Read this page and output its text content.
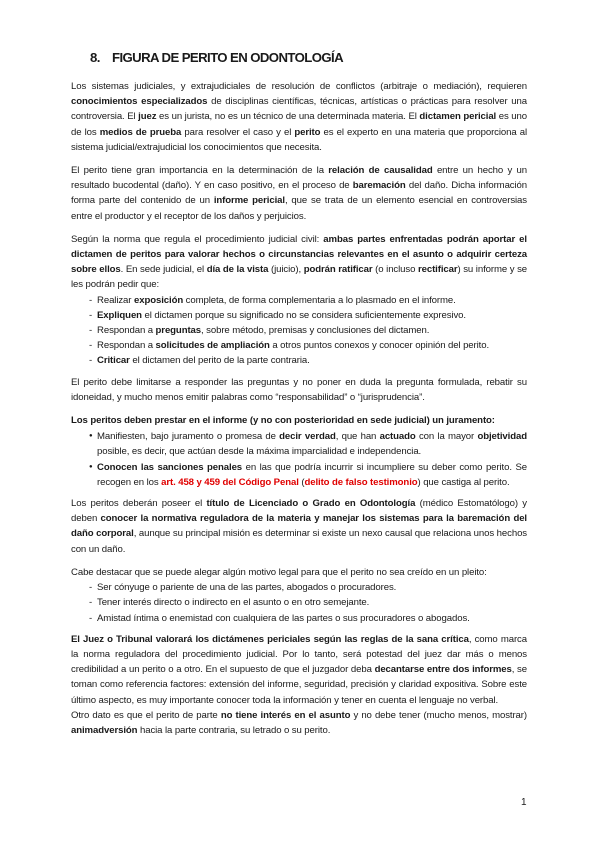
8. FIGURA DE PERITO EN ODONTOLOGÍA

Los sistemas judiciales, y extrajudiciales de resolución de conflictos (arbitraje o mediación), requieren conocimientos especializados de disciplinas científicas, técnicas, artísticas o prácticas para resolver una controversia. El juez es un jurista, no es un técnico de una determinada materia. El dictamen pericial es uno de los medios de prueba para resolver el caso y el perito es el experto en una materia que proporciona al sistema judicial/extrajudicial los conocimientos que necesita.

El perito tiene gran importancia en la determinación de la relación de causalidad entre un hecho y un resultado bucodental (daño). Y en caso positivo, en el proceso de baremación del daño. Dicha información forma parte del contenido de un informe pericial, que se trata de un elemento esencial en controversias entre el productor y el receptor de los daños y perjuicios.

Según la norma que regula el procedimiento judicial civil: ambas partes enfrentadas podrán aportar el dictamen de peritos para valorar hechos o circunstancias relevantes en el asunto o adquirir certeza sobre ellos. En sede judicial, el día de la vista (juicio), podrán ratificar (o incluso rectificar) su informe y se les podrán pedir que:

- Realizar exposición completa, de forma complementaria a lo plasmado en el informe.
- Expliquen el dictamen porque su significado no se considera suficientemente expresivo.
- Respondan a preguntas, sobre método, premisas y conclusiones del dictamen.
- Respondan a solicitudes de ampliación a otros puntos conexos y conocer opinión del perito.
- Criticar el dictamen del perito de la parte contraria.

El perito debe limitarse a responder las preguntas y no poner en duda la pregunta formulada, rebatir su idoneidad, y mucho menos emitir palabras como “responsabilidad” o “jurisprudencia”.

Los peritos deben prestar en el informe (y no con posterioridad en sede judicial) un juramento:

● Manifiesten, bajo juramento o promesa de decir verdad, que han actuado con la mayor objetividad posible, es decir, que actúan desde la máxima imparcialidad e independencia.
● Conocen las sanciones penales en las que podría incurrir si incumpliere su deber como perito. Se recogen en los art. 458 y 459 del Código Penal (delito de falso testimonio) que castiga al perito.

Los peritos deberán poseer el título de Licenciado o Grado en Odontología (médico Estomatólogo) y deben conocer la normativa reguladora de la materia y manejar los sistemas para la baremación del daño corporal, aunque su principal misión es determinar si existe un nexo causal que relaciona unos hechos con un daño.

Cabe destacar que se puede alegar algún motivo legal para que el perito no sea creído en un pleito:

- Ser cónyuge o pariente de una de las partes, abogados o procuradores.
- Tener interés directo o indirecto en el asunto o en otro semejante.
- Amistad íntima o enemistad con cualquiera de las partes o sus procuradores o abogados.

El Juez o Tribunal valorará los dictámenes periciales según las reglas de la sana crítica, como marca la norma reguladora del procedimiento judicial. Por lo tanto, será potestad del juez dar más o menos credibilidad a un perito o a otro. En el supuesto de que el juzgador deba decantarse entre dos informes, se toman como referencia factores: extensión del informe, seguridad, precisión y claridad expositiva. Sobre este último aspecto, es muy importante conocer toda la información y tener en cuenta el lenguaje no verbal.

Otro dato es que el perito de parte no tiene interés en el asunto y no debe tener (mucho menos, mostrar) animadversión hacia la parte contraria, su letrado o su perito.

1
